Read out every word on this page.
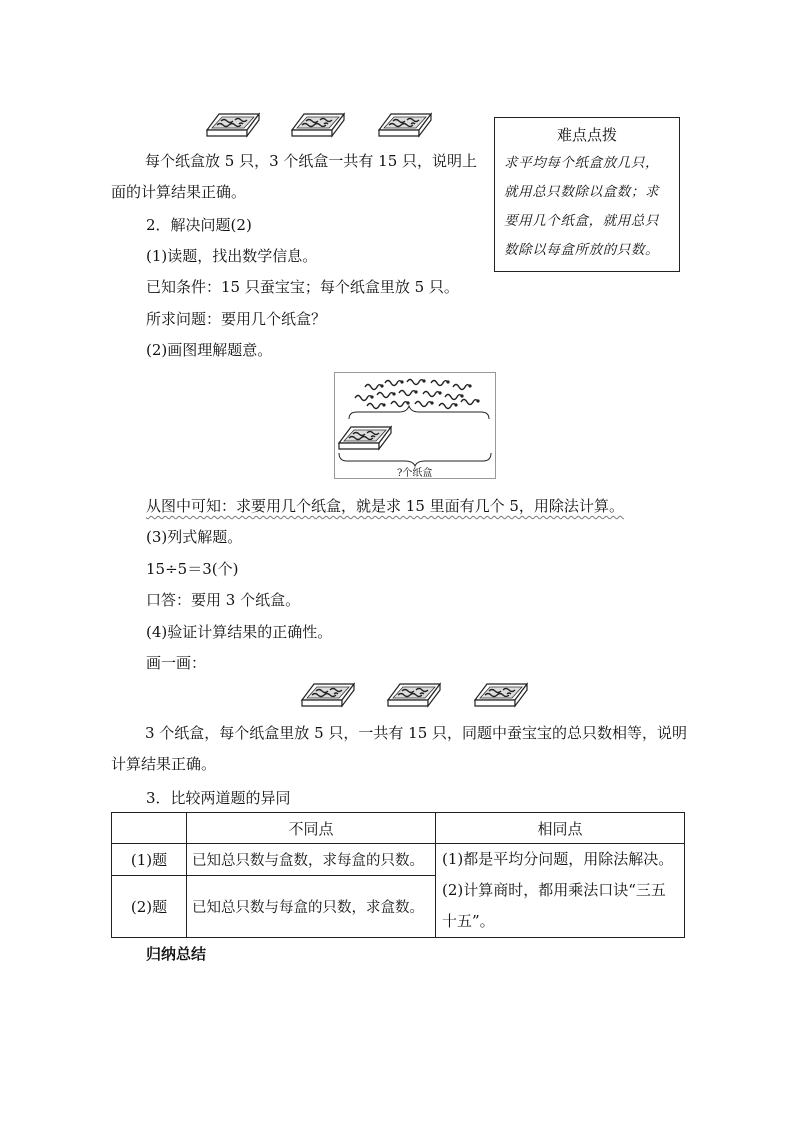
难点点拨
求平均每个纸盒放几只，就用总只数除以盒数；求要用几个纸盒，就用总只数除以每盒所放的只数。
每个纸盒放 5 只，3 个纸盒一共有 15 只，说明上面的计算结果正确。
2．解决问题(2)
(1)读题，找出数学信息。
已知条件：15 只蚕宝宝；每个纸盒里放 5 只。
所求问题：要用几个纸盒？
(2)画图理解题意。
?个纸盒
从图中可知：求要用几个纸盒，就是求 15 里面有几个 5，用除法计算。
(3)列式解题。
15÷5＝3(个)
口答：要用 3 个纸盒。
(4)验证计算结果的正确性。
画一画：
3 个纸盒，每个纸盒里放 5 只，一共有 15 只，同题中蚕宝宝的总只数相等，说明计算结果正确。
3．比较两道题的异同
	不同点	相同点
(1)题	已知总只数与盒数，求每盒的只数。	(1)都是平均分问题，用除法解决。
(2)计算商时，都用乘法口诀“三五十五”。

(2)题	已知总只数与每盒的只数，求盒数。	
归纳总结
